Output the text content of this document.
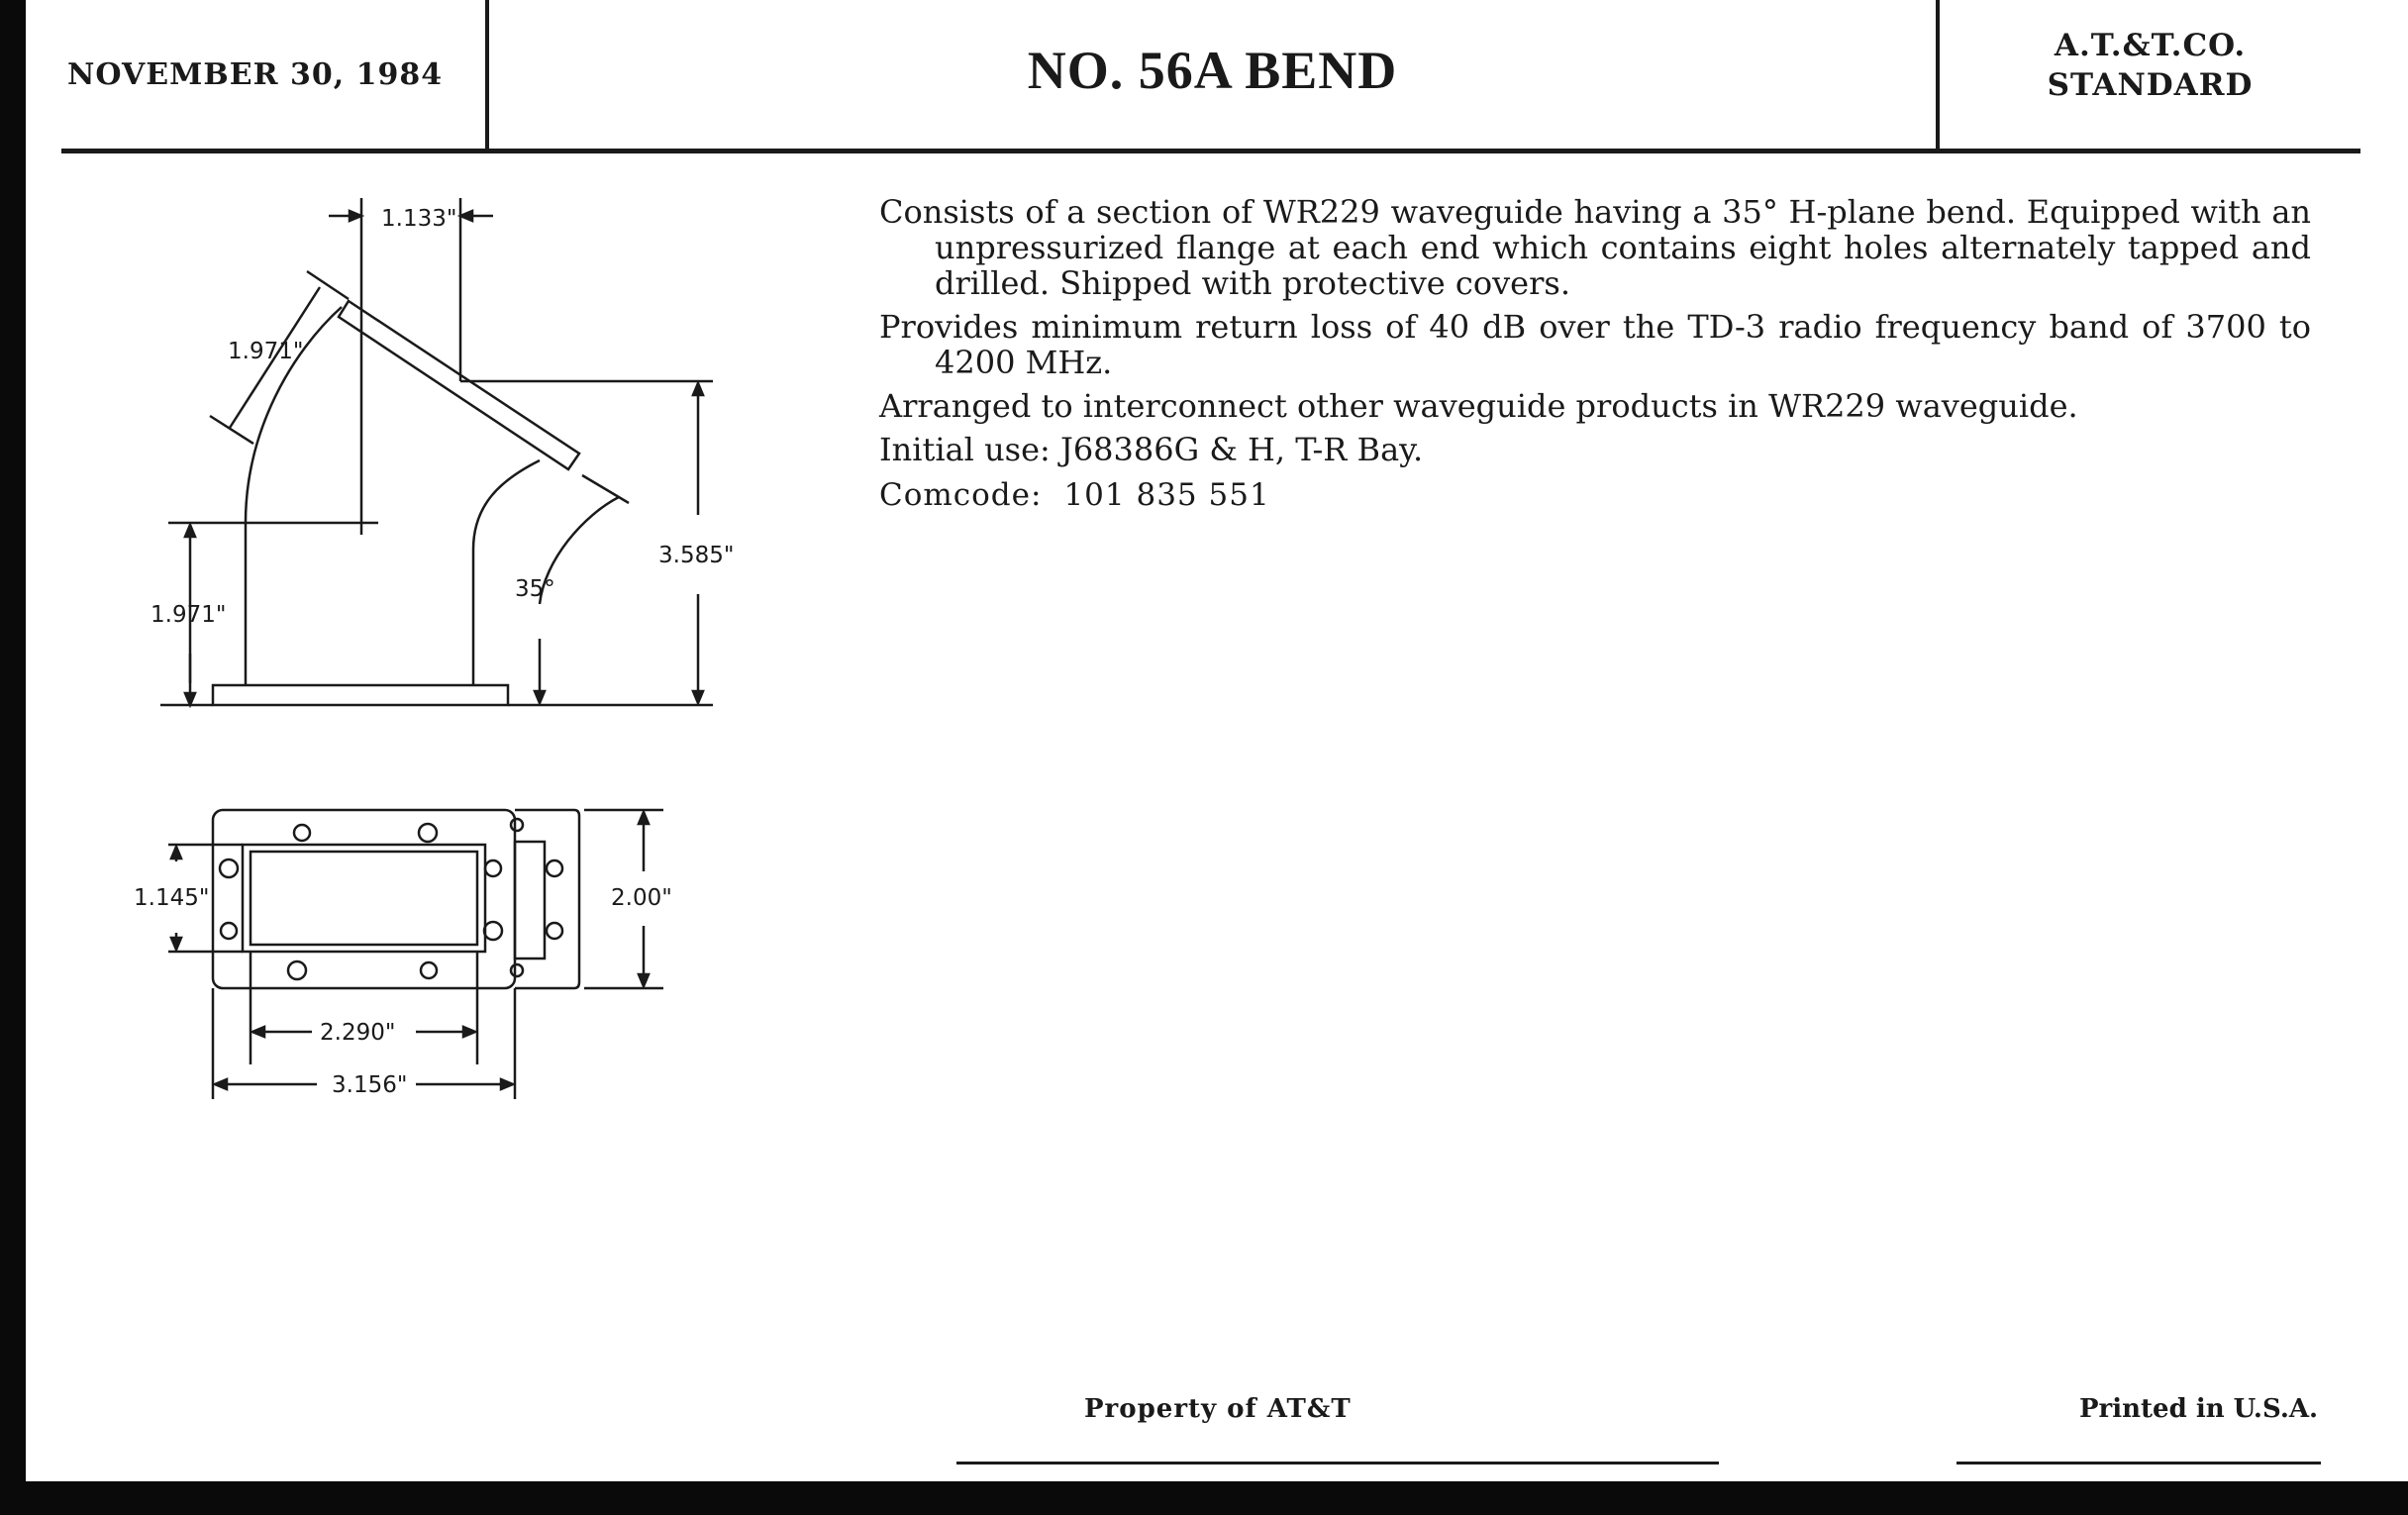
NOVEMBER 30, 1984	NO. 56A BEND	A.T.&T.CO.
STANDARD
1.133"
1.971"
1.971"
35°
3.585"
1.145"	2.00"
2.290"
3.156"

Consists of a section of WR229 waveguide having a 35° H-plane bend. Equipped with an unpressurized flange at each end which contains eight holes alternately tapped and drilled. Shipped with protective covers.

Provides minimum return loss of 40 dB over the TD-3 radio frequency band of 3700 to 4200 MHz.

Arranged to interconnect other waveguide products in WR229 waveguide.

Initial use: J68386G & H, T-R Bay.

Comcode: 101 835 551

Property of AT&T	Printed in U.S.A.
